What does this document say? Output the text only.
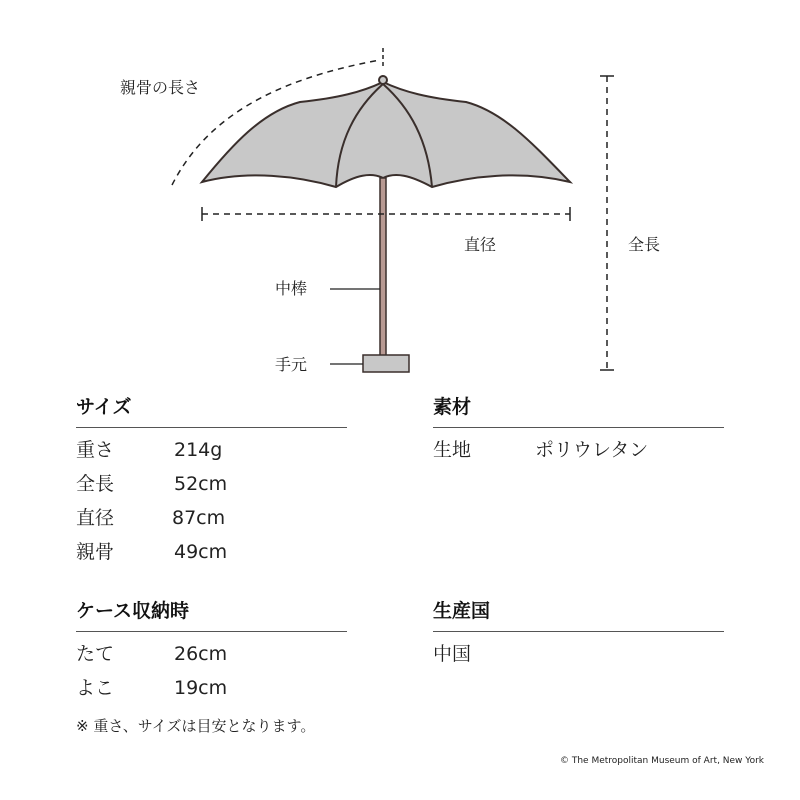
親骨の長さ
直径	全長
中棒
手元
サイズ
重さ	214g
全長	52cm
直径	87cm
親骨	49cm
素材
生地	ポリウレタン
ケース収納時
たて	26cm
よこ	19cm
生産国
中国
※ 重さ、サイズは目安となります。
© The Metropolitan Museum of Art, New York
